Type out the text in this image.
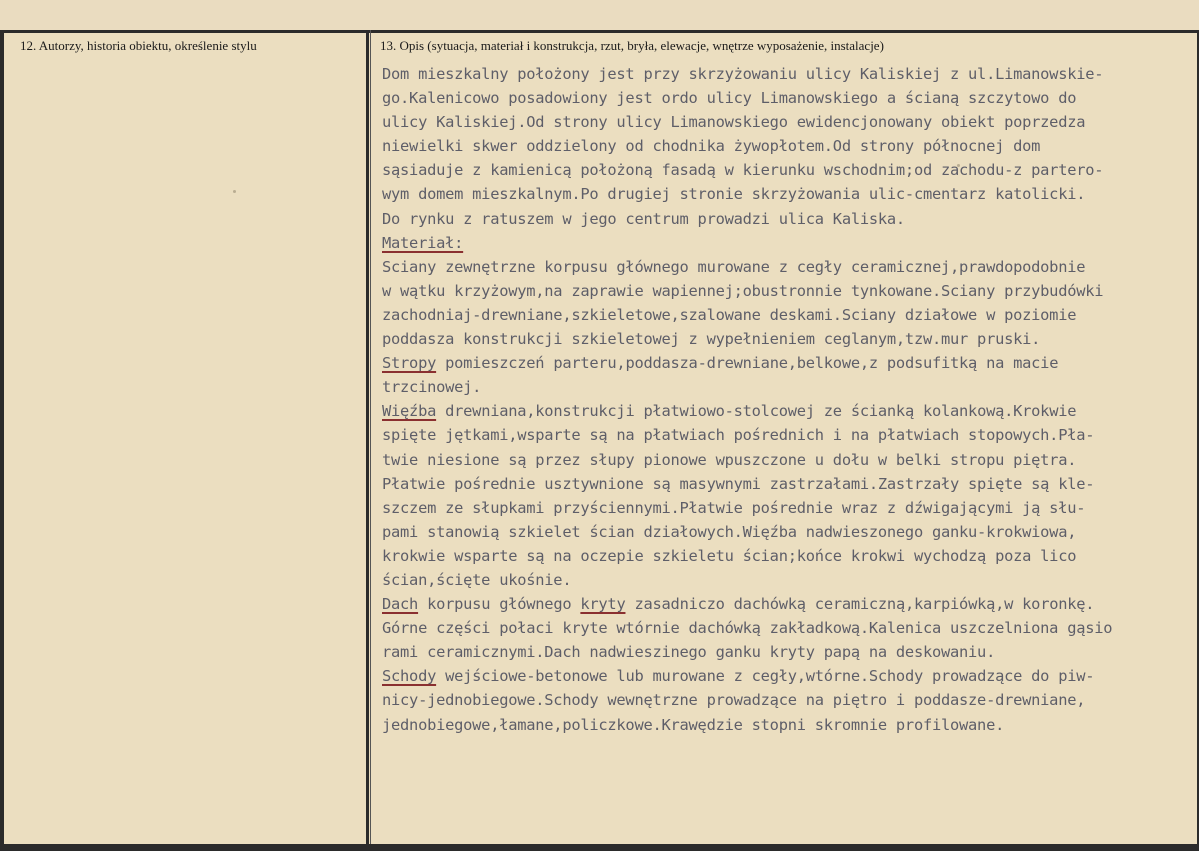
12. Autorzy, historia obiektu, określenie stylu	13. Opis (sytuacja, materiał i konstrukcja, rzut, bryła, elewacje, wnętrze wyposażenie, instalacje)
Dom mieszkalny położony jest przy skrzyżowaniu ulicy Kaliskiej z ul.Limanowskie-
go.Kalenicowo posadowiony jest ordo ulicy Limanowskiego a ścianą szczytowo do
ulicy Kaliskiej.Od strony ulicy Limanowskiego ewidencjonowany obiekt poprzedza
niewielki skwer oddzielony od chodnika żywopłotem.Od strony północnej dom
sąsiaduje z kamienicą położoną fasadą w kierunku wschodnim;od zachodu-z partero-
wym domem mieszkalnym.Po drugiej stronie skrzyżowania ulic-cmentarz katolicki.
Do rynku z ratuszem w jego centrum prowadzi ulica Kaliska.
Materiał:
Sciany zewnętrzne korpusu głównego murowane z cegły ceramicznej,prawdopodobnie
w wątku krzyżowym,na zaprawie wapiennej;obustronnie tynkowane.Sciany przybudówki
zachodniaj-drewniane,szkieletowe,szalowane deskami.Sciany działowe w poziomie
poddasza konstrukcji szkieletowej z wypełnieniem ceglanym,tzw.mur pruski.
Stropy pomieszczeń parteru,poddasza-drewniane,belkowe,z podsufitką na macie
trzcinowej.
Więźba drewniana,konstrukcji płatwiowo-stolcowej ze ścianką kolankową.Krokwie
spięte jętkami,wsparte są na płatwiach pośrednich i na płatwiach stopowych.Pła-
twie niesione są przez słupy pionowe wpuszczone u dołu w belki stropu piętra.
Płatwie pośrednie usztywnione są masywnymi zastrzałami.Zastrzały spięte są kle-
szczem ze słupkami przyściennymi.Płatwie pośrednie wraz z dźwigającymi ją słu-
pami stanowią szkielet ścian działowych.Więźba nadwieszonego ganku-krokwiowa,
krokwie wsparte są na oczepie szkieletu ścian;końce krokwi wychodzą poza lico
ścian,ścięte ukośnie.
Dach korpusu głównego kryty zasadniczo dachówką ceramiczną,karpiówką,w koronkę.
Górne części połaci kryte wtórnie dachówką zakładkową.Kalenica uszczelniona gąsio
rami ceramicznymi.Dach nadwieszinego ganku kryty papą na deskowaniu.
Schody wejściowe-betonowe lub murowane z cegły,wtórne.Schody prowadzące do piw-
nicy-jednobiegowe.Schody wewnętrzne prowadzące na piętro i poddasze-drewniane,
jednobiegowe,łamane,policzkowe.Krawędzie stopni skromnie profilowane.
